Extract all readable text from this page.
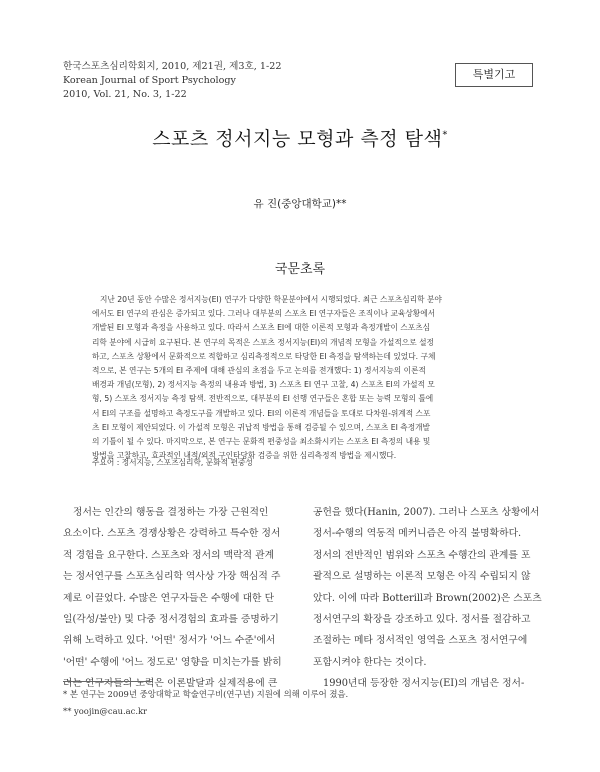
한국스포츠심리학회지, 2010, 제21권, 제3호, 1-22
Korean Journal of Sport Psychology
2010, Vol. 21, No. 3, 1-22
특별기고
스포츠 정서지능 모형과 측정 탐색*
유 진(중앙대학교)**
국문초록
지난 20년 동안 수많은 정서지능(EI) 연구가 다양한 학문분야에서 시행되었다. 최근 스포츠심리학 분야
에서도 EI 연구의 관심은 증가되고 있다. 그러나 대부분의 스포츠 EI 연구자들은 조직이나 교육상황에서
개발된 EI 모형과 측정을 사용하고 있다. 따라서 스포츠 EI에 대한 이론적 모형과 측정개발이 스포츠심
리학 분야에 시급히 요구된다. 본 연구의 목적은 스포츠 정서지능(EI)의 개념적 모형을 가설적으로 설정
하고, 스포츠 상황에서 문화적으로 적합하고 심리측정적으로 타당한 EI 측정을 탐색하는데 있었다. 구체
적으로, 본 연구는 5개의 EI 주제에 대해 관심의 초점을 두고 논의를 전개했다: 1) 정서지능의 이론적
배경과 개념(모형), 2) 정서지능 측정의 내용과 방법, 3) 스포츠 EI 연구 고찰, 4) 스포츠 EI의 가설적 모
형, 5) 스포츠 정서지능 측정 탐색. 전반적으로, 대부분의 EI 선행 연구들은 혼합 또는 능력 모형의 틀에
서 EI의 구조를 설명하고 측정도구를 개발하고 있다. EI의 이론적 개념들을 토대로 다차원-위계적 스포
츠 EI 모형이 제안되었다. 이 가설적 모형은 귀납적 방법을 통해 검증될 수 있으며, 스포츠 EI 측정개발
의 기틀이 될 수 있다. 마지막으로, 본 연구는 문화적 편중성을 최소화시키는 스포츠 EI 측정의 내용 및
방법을 고찰하고, 효과적인 내적/외적 구인타당화 검증을 위한 심리측정적 방법을 제시했다.
주요어 : 정서지능, 스포츠심리학, 문화적 편중성
정서는 인간의 행동을 결정하는 가장 근원적인
요소이다. 스포츠 경쟁상황은 강력하고 특수한 정서
적 경험을 요구한다. 스포츠와 정서의 맥락적 관계
는 정서연구를 스포츠심리학 역사상 가장 핵심적 주
제로 이끌었다. 수많은 연구자들은 수행에 대한 단
일(각성/불안) 및 다중 정서경험의 효과를 증명하기
위해 노력하고 있다. '어떤' 정서가 '어느 수준'에서
'어떤' 수행에 '어느 정도로' 영향을 미치는가를 밝히
려는 연구자들의 노력은 이론발달과 실제적용에 큰
공헌을 했다(Hanin, 2007). 그러나 스포츠 상황에서
정서-수행의 역동적 메커니즘은 아직 불명확하다.
정서의 전반적인 범위와 스포츠 수행간의 관계를 포
괄적으로 설명하는 이론적 모형은 아직 수립되지 않
았다. 이에 따라 Botterill과 Brown(2002)은 스포츠
정서연구의 확장을 강조하고 있다. 정서를 절감하고
조절하는 메타 정서적인 영역을 스포츠 정서연구에
포함시켜야 한다는 것이다.
1990년대 등장한 정서지능(EI)의 개념은 정서-
* 본 연구는 2009년 중앙대학교 학술연구비(연구년) 지원에 의해 이루어 졌음.
** yoojin@cau.ac.kr
